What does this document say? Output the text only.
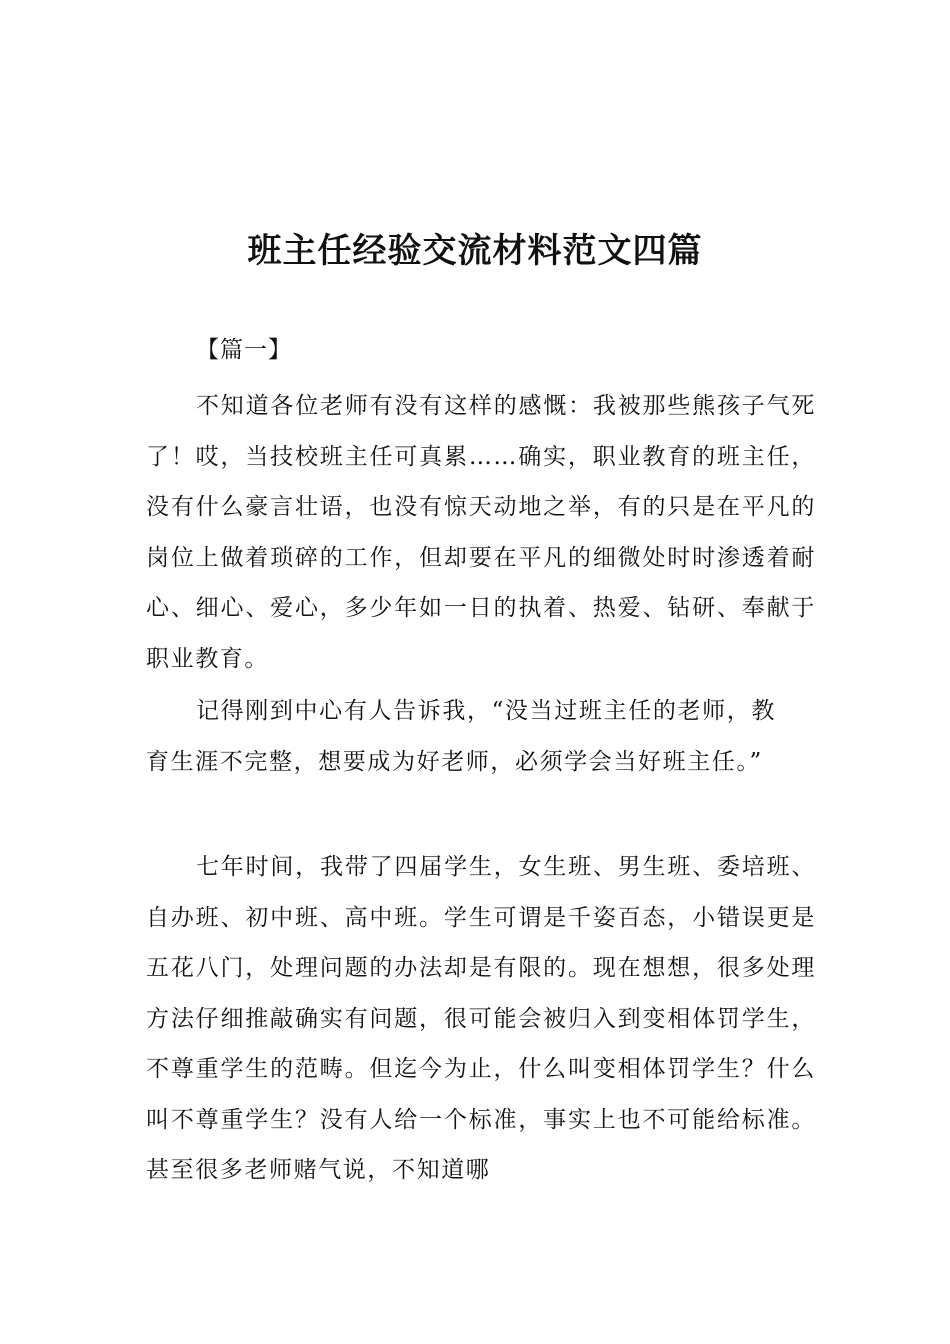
班主任经验交流材料范文四篇
【篇一】

不知道各位老师有没有这样的感慨：我被那些熊孩子气死了！哎，当技校班主任可真累……确实，职业教育的班主任，没有什么豪言壮语，也没有惊天动地之举，有的只是在平凡的岗位上做着琐碎的工作，但却要在平凡的细微处时时渗透着耐心、细心、爱心，多少年如一日的执着、热爱、钻研、奉献于职业教育。

记得刚到中心有人告诉我，“没当过班主任的老师，教育生涯不完整，想要成为好老师，必须学会当好班主任。”

七年时间，我带了四届学生，女生班、男生班、委培班、自办班、初中班、高中班。学生可谓是千姿百态，小错误更是五花八门，处理问题的办法却是有限的。现在想想，很多处理方法仔细推敲确实有问题，很可能会被归入到变相体罚学生，不尊重学生的范畴。但迄今为止，什么叫变相体罚学生？什么叫不尊重学生？没有人给一个标准，事实上也不可能给标准。甚至很多老师赌气说，不知道哪
